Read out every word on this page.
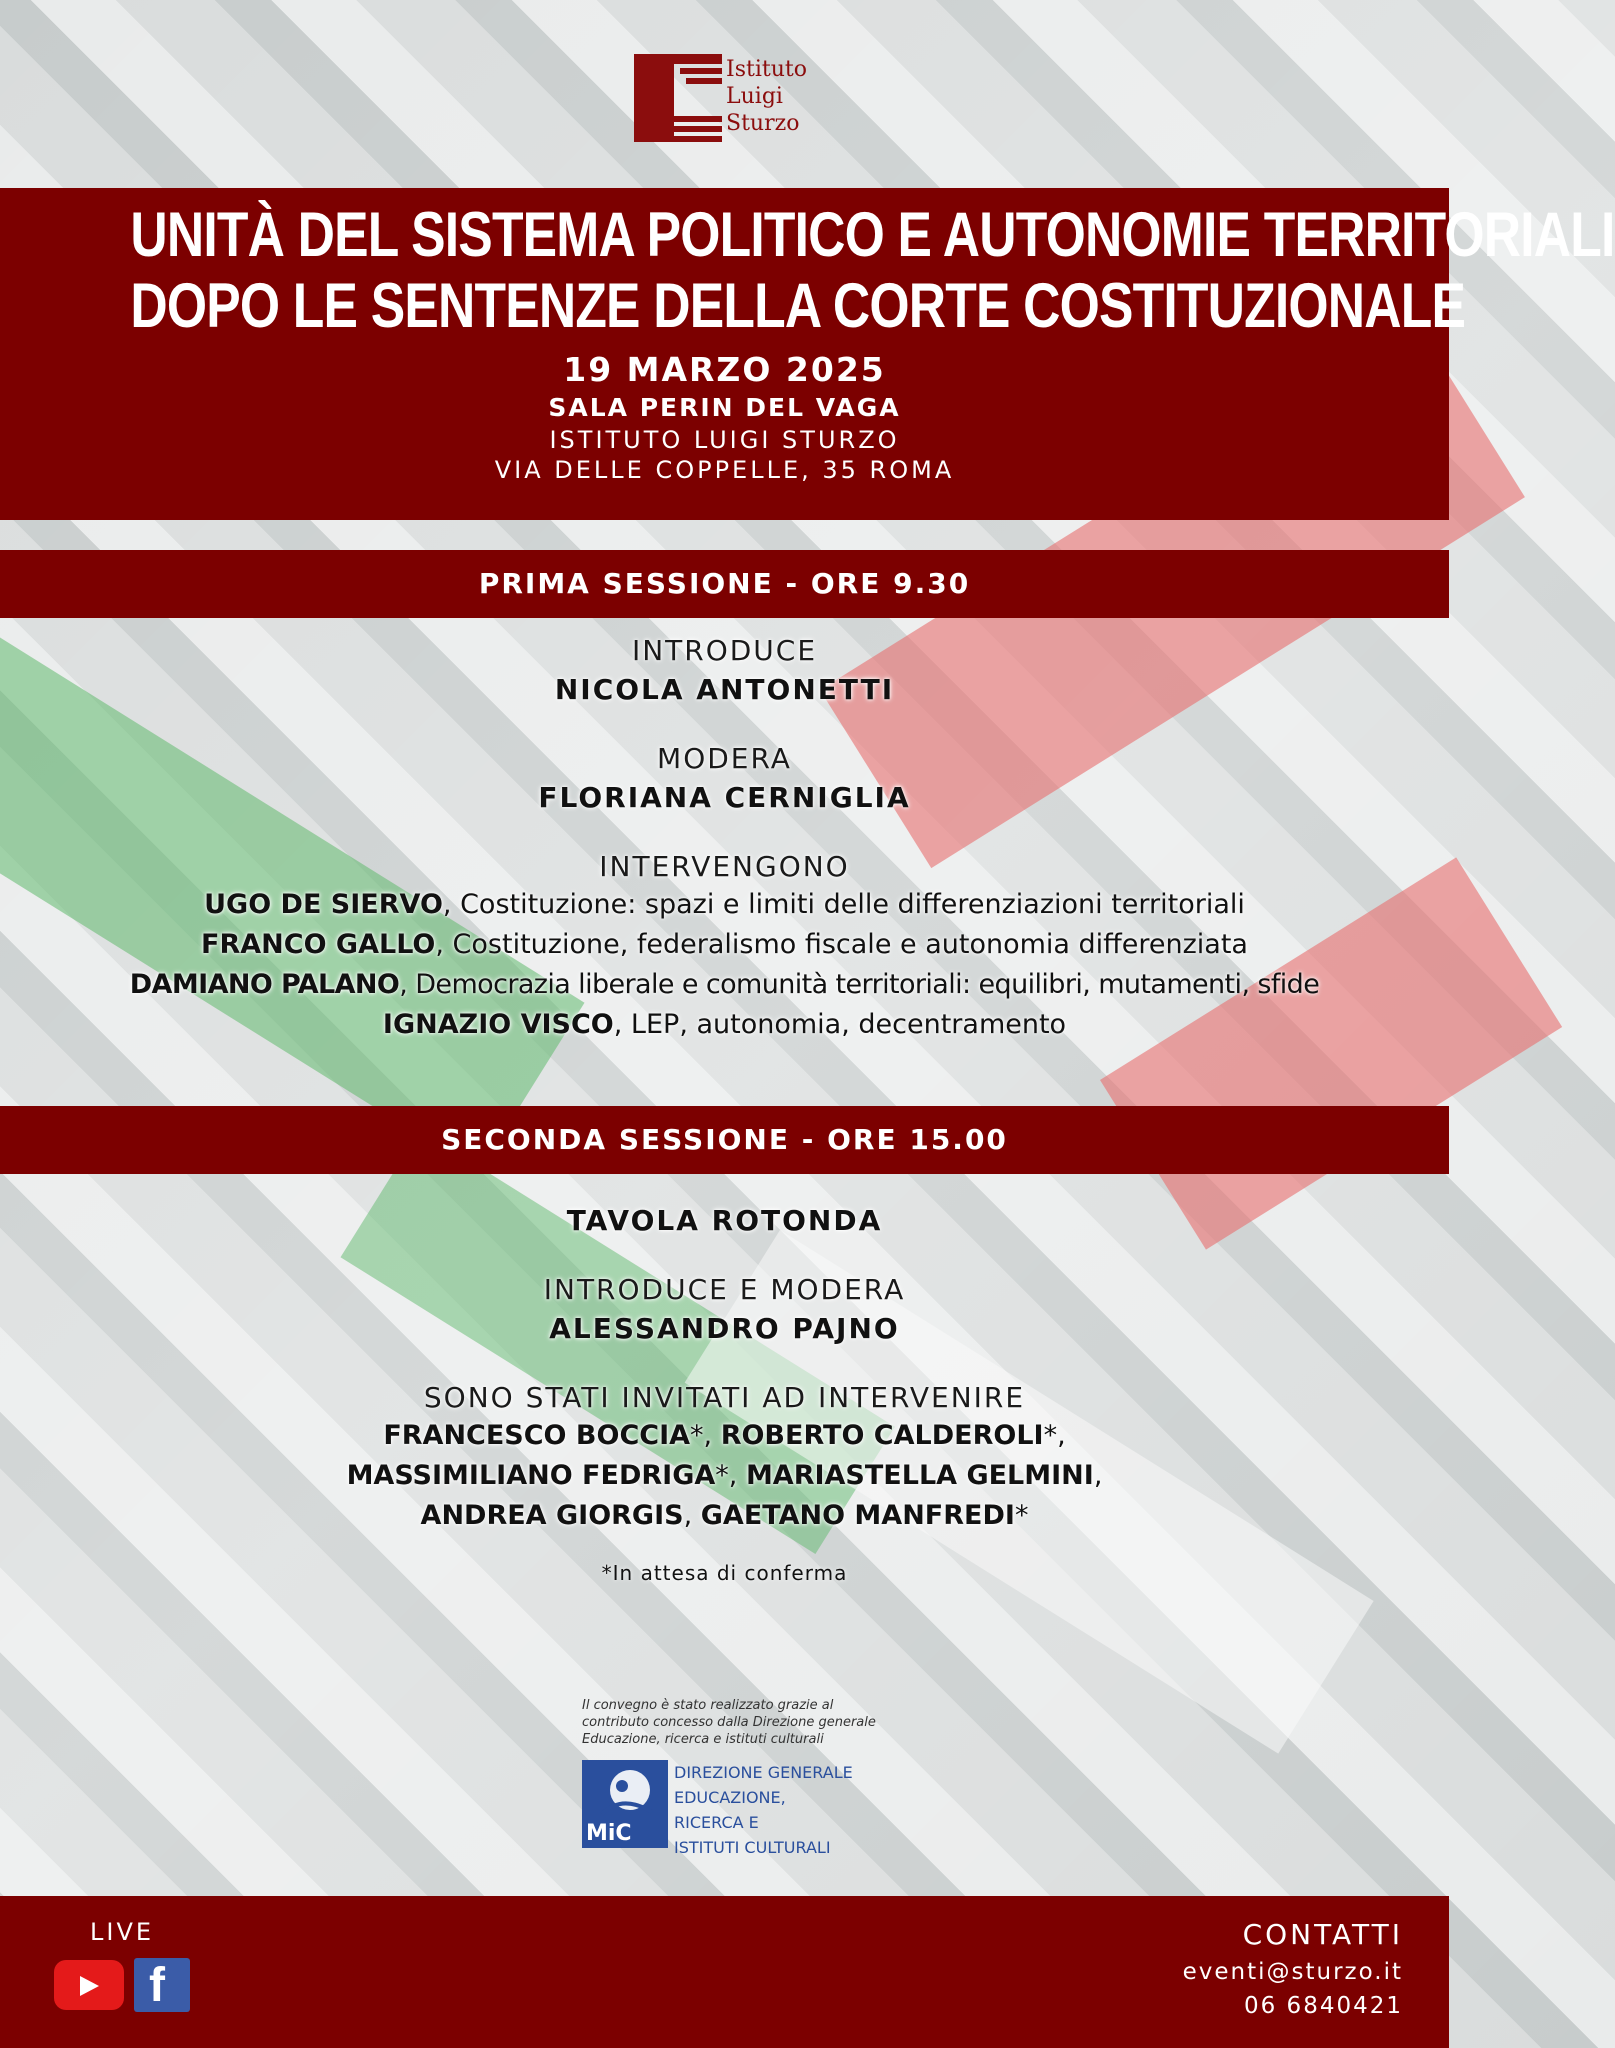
Istituto
Luigi
Sturzo
UNITÀ DEL SISTEMA POLITICO E AUTONOMIE TERRITORIALI
DOPO LE SENTENZE DELLA CORTE COSTITUZIONALE
19 MARZO 2025
SALA PERIN DEL VAGA
ISTITUTO LUIGI STURZO
VIA DELLE COPPELLE, 35 ROMA
PRIMA SESSIONE - ORE 9.30
INTRODUCE
NICOLA ANTONETTI
MODERA
FLORIANA CERNIGLIA
INTERVENGONO
UGO DE SIERVO, Costituzione: spazi e limiti delle differenziazioni territoriali
FRANCO GALLO, Costituzione, federalismo fiscale e autonomia differenziata
DAMIANO PALANO, Democrazia liberale e comunità territoriali: equilibri, mutamenti, sfide
IGNAZIO VISCO, LEP, autonomia, decentramento
SECONDA SESSIONE - ORE 15.00
TAVOLA ROTONDA
INTRODUCE E MODERA
ALESSANDRO PAJNO
SONO STATI INVITATI AD INTERVENIRE
FRANCESCO BOCCIA*, ROBERTO CALDEROLI*,
MASSIMILIANO FEDRIGA*, MARIASTELLA GELMINI,
ANDREA GIORGIS, GAETANO MANFREDI*
*In attesa di conferma
Il convegno è stato realizzato grazie al
contributo concesso dalla Direzione generale
Educazione, ricerca e istituti culturali
MiC
DIREZIONE GENERALE
EDUCAZIONE,
RICERCA E
ISTITUTI CULTURALI
LIVE
f
CONTATTI
eventi@sturzo.it
06 6840421
